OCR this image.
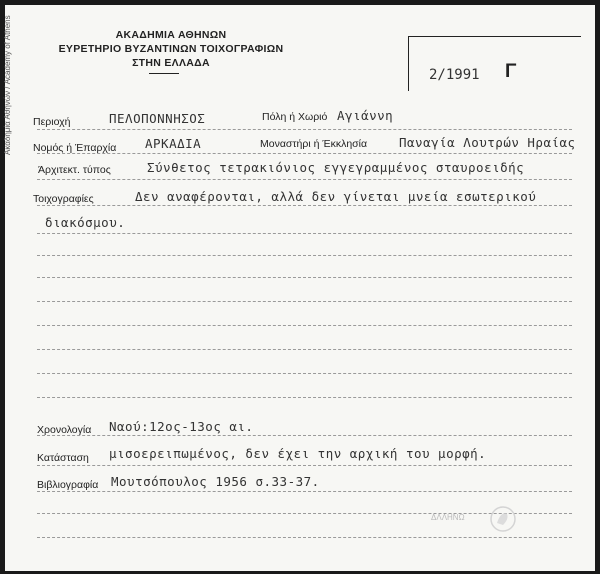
Ακαδημία Αθηνών / Academy of Athens	ΑΚΑΔΗΜΙΑ ΑΘΗΝΩΝ
ΕΥΡΕΤΗΡΙΟ ΒΥΖΑΝΤΙΝΩΝ ΤΟΙΧΟΓΡΑΦΙΩΝ
ΣΤΗΝ ΕΛΛΑΔΑ
2/1991 Γ
Περιοχή	ΠΕΛΟΠΟΝΝΗΣΟΣ	Πόλη ή Χωριό Αγιάννη
Νομός ή Έπαρχία ΑΡΚΑΔΙΑ	Μοναστήρι ή Έκκλησία	Παναγία Λουτρών Ηραίας
Άρχιτεκτ. τύπος	Σύνθετος τετρακιόνιος εγγεγραμμένος σταυροειδής
Τοιχογραφίες	Δεν αναφέρονται, αλλά δεν γίνεται μνεία εσωτερικού
διακόσμου.
Χρονολογία Ναού:12ος-13ος αι.
Κατάσταση μισοερειπωμένος, δεν έχει την αρχική του μορφή.
Βιβλιογραφία Μουτσόπουλος 1956 σ.33-37.
ΔΛΛΗΝΩ
